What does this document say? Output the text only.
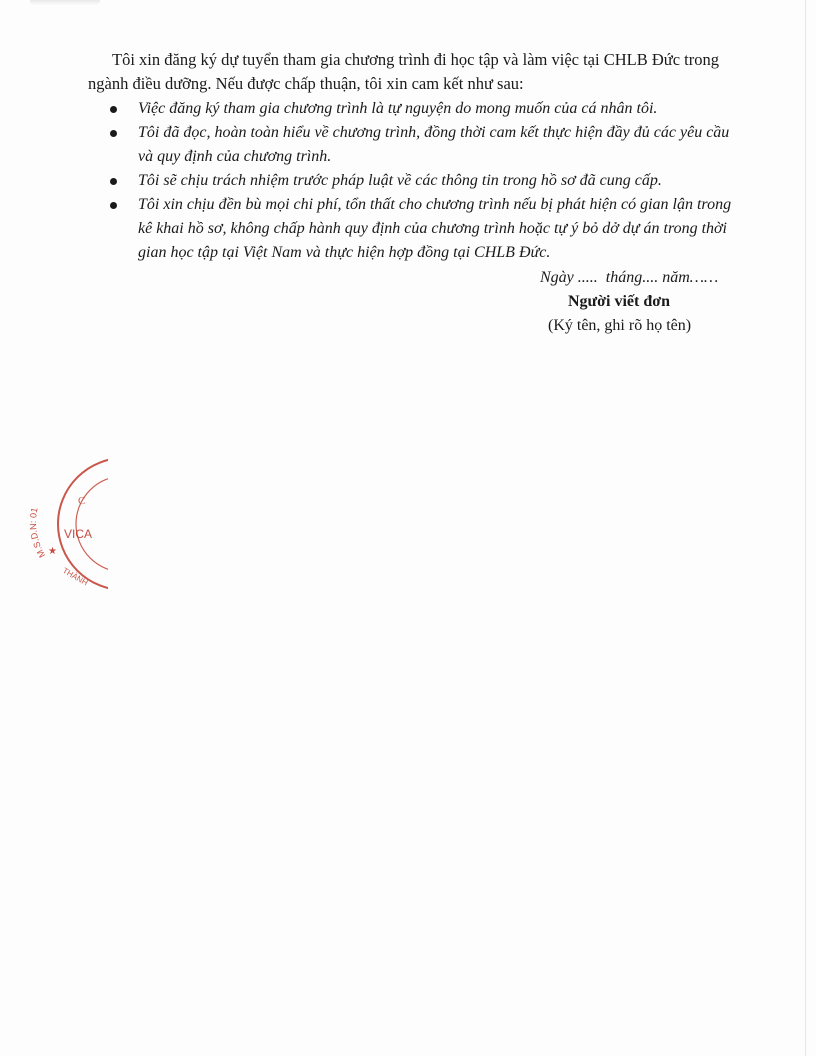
Tôi xin đăng ký dự tuyển tham gia chương trình đi học tập và làm việc tại CHLB Đức trong ngành điều dưỡng. Nếu được chấp thuận, tôi xin cam kết như sau:

Việc đăng ký tham gia chương trình là tự nguyện do mong muốn của cá nhân tôi.
Tôi đã đọc, hoàn toàn hiểu về chương trình, đồng thời cam kết thực hiện đầy đủ các yêu cầu và quy định của chương trình.
Tôi sẽ chịu trách nhiệm trước pháp luật về các thông tin trong hồ sơ đã cung cấp.
Tôi xin chịu đền bù mọi chi phí, tổn thất cho chương trình nếu bị phát hiện có gian lận trong kê khai hồ sơ, không chấp hành quy định của chương trình hoặc tự ý bỏ dở dự án trong thời gian học tập tại Việt Nam và thực hiện hợp đồng tại CHLB Đức.
Ngày .....  tháng.... năm……
Người viết đơn
(Ký tên, ghi rõ họ tên)
M.S.D.N: 01
VICA
C
★
THÀNH
